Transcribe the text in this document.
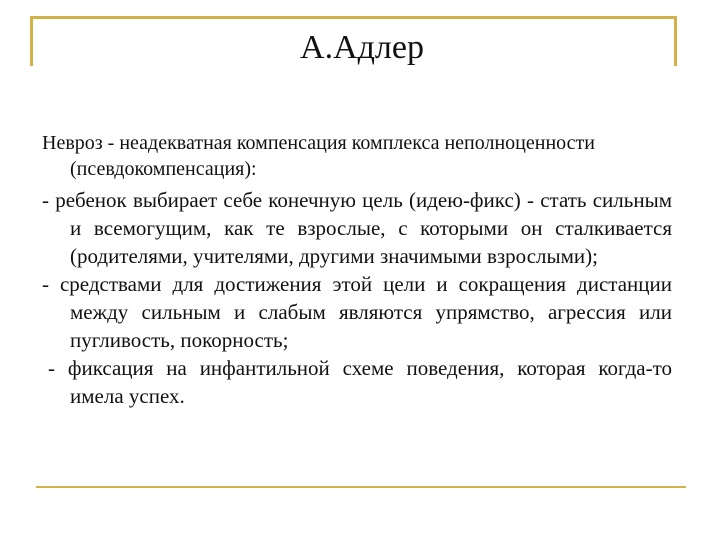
А.Адлер

Невроз - неадекватная компенсация комплекса неполноценности (псевдокомпенсация):

- ребенок выбирает себе конечную цель (идею-фикс) - стать сильным и всемогущим, как те взрослые, с которыми он сталкивается (родителями, учителями, другими значимыми взрослыми);

- средствами для достижения этой цели и сокращения дистанции между сильным и слабым являются упрямство, агрессия или пугливость, покорность;

- фиксация на инфантильной схеме поведения, которая когда-то имела успех.
